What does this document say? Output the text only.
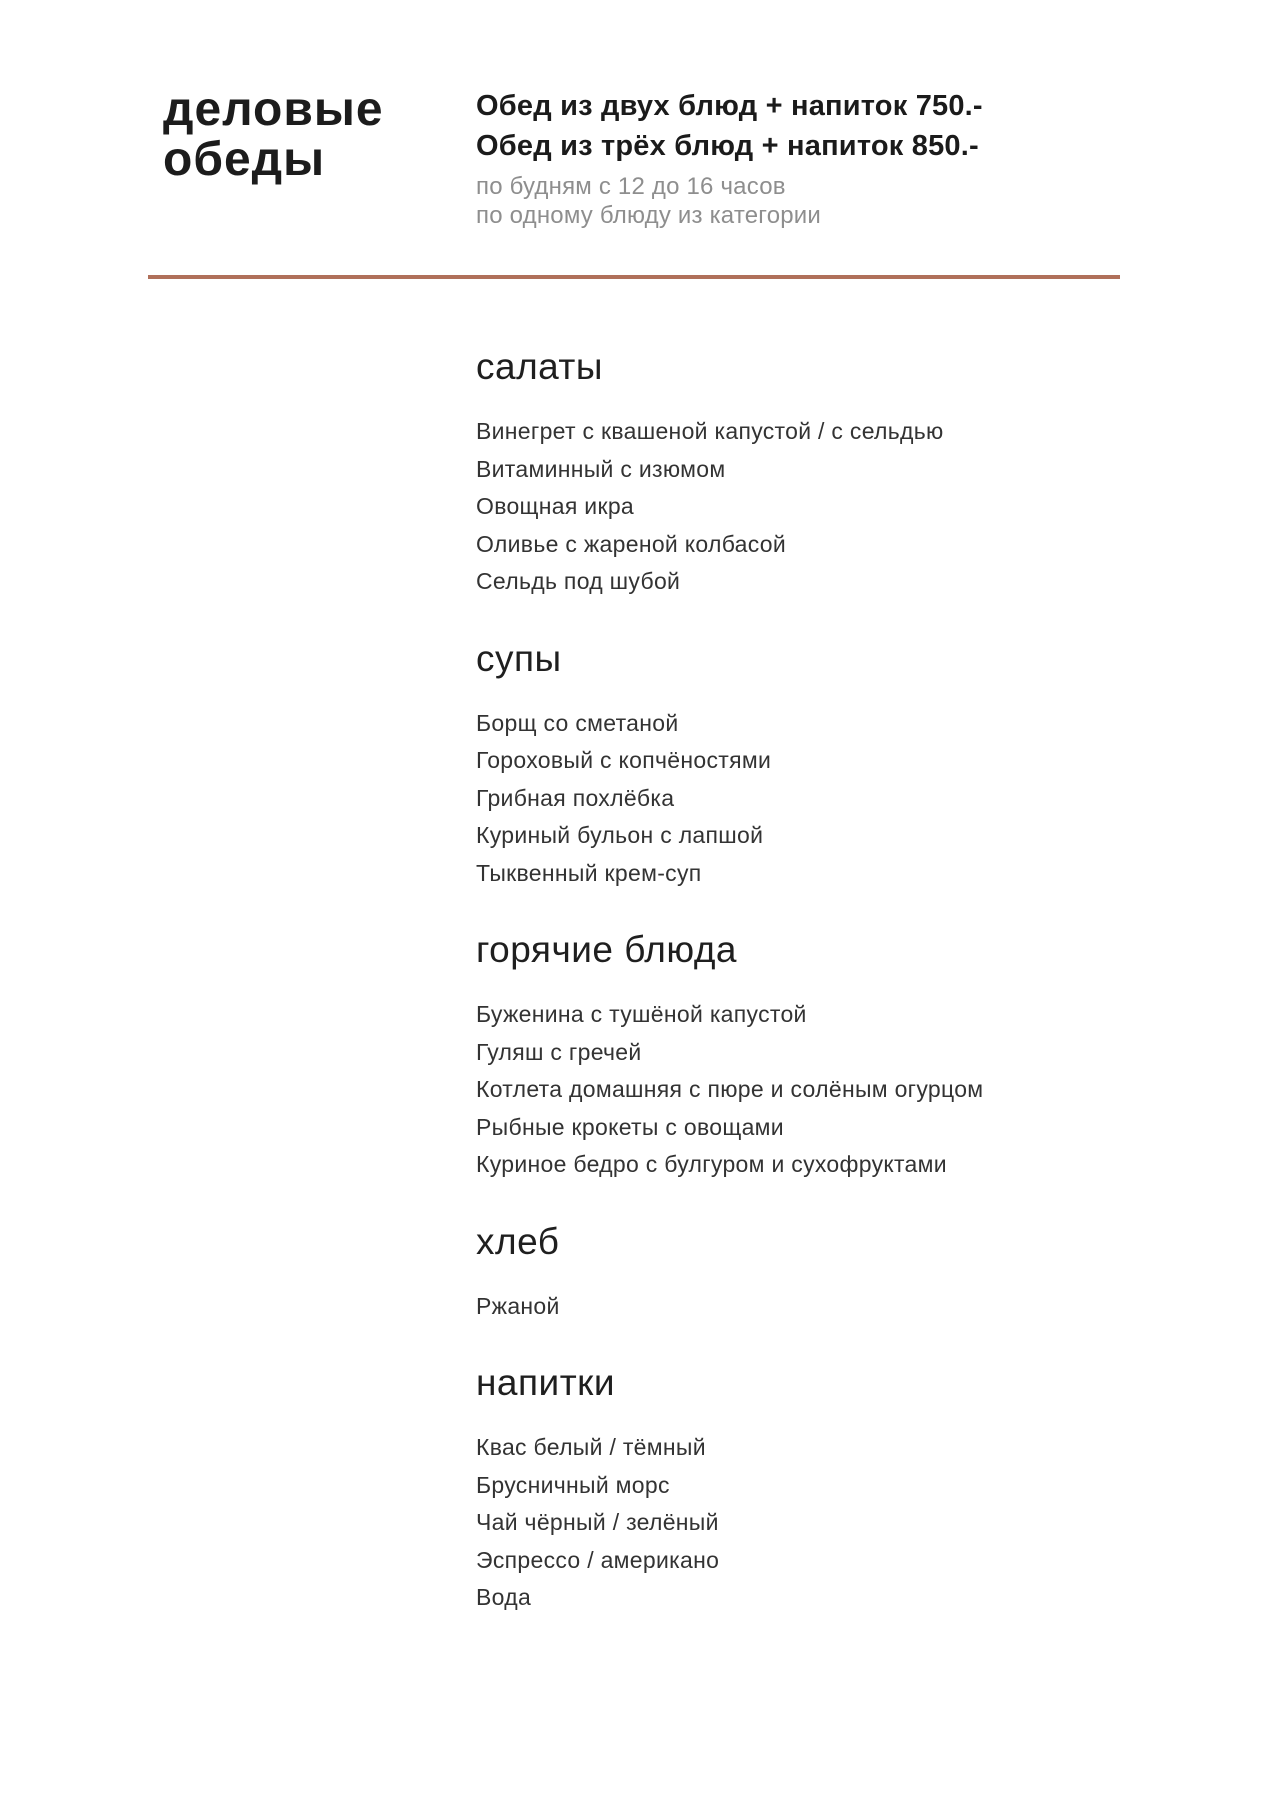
деловые
обеды
Обед из двух блюд + напиток 750.-
Обед из трёх блюд + напиток 850.-
по будням с 12 до 16 часов
по одному блюду из категории
салаты
Винегрет с квашеной капустой / с сельдью
Витаминный с изюмом
Овощная икра
Оливье с жареной колбасой
Сельдь под шубой
супы
Борщ со сметаной
Гороховый с копчёностями
Грибная похлёбка
Куриный бульон с лапшой
Тыквенный крем-суп
горячие блюда
Буженина с тушёной капустой
Гуляш с гречей
Котлета домашняя с пюре и солёным огурцом
Рыбные крокеты с овощами
Куриное бедро с булгуром и сухофруктами
хлеб
Ржаной
напитки
Квас белый / тёмный
Брусничный морс
Чай чёрный / зелёный
Эспрессо / американо
Вода
